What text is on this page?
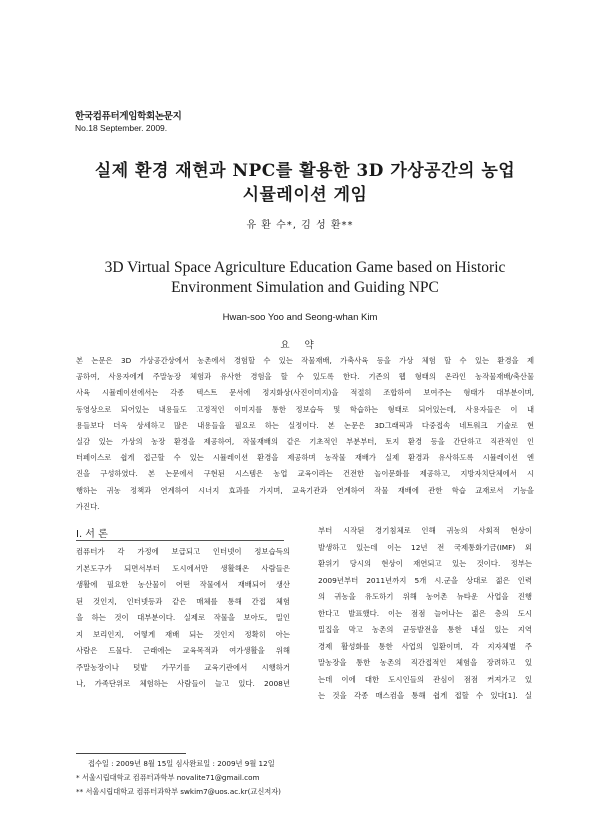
한국컴퓨터게임학회논문지
No.18 September. 2009.
실제 환경 재현과 NPC를 활용한 3D 가상공간의 농업
시뮬레이션 게임
유 환 수*, 김 성 환**
3D Virtual Space Agriculture Education Game based on Historic
Environment Simulation and Guiding NPC
Hwan-soo Yoo and Seong-whan Kim
요 약
본 논문은 3D 가상공간상에서 농촌에서 경험할 수 있는 작물재배, 가축사육 등을 가상 체험 할 수 있는 환경을 제
공하여, 사용자에게 주말농장 체험과 유사한 경험을 할 수 있도록 한다. 기존의 웹 형태의 온라인 농작물재배/축산물
사육 시뮬레이션에서는 각종 텍스트 문서에 정지화상(사진이미지)을 적절히 조합하여 보여주는 형태가 대부분이며,
동영상으로 되어있는 내용들도 고정적인 이미지를 통한 정보습득 및 학습하는 형태로 되어있는데, 사용자들은 이 내
용들보다 더욱 상세하고 많은 내용들을 필요로 하는 실정이다. 본 논문은 3D그래픽과 다중접속 네트워크 기술로 현
실감 있는 가상의 농장 환경을 제공하여, 작물재배의 같은 기초적인 부분부터, 토지 환경 등을 간단하고 직관적인 인
터페이스로 쉽게 접근할 수 있는 시뮬레이션 환경을 제공하며 농작물 재배가 실제 환경과 유사하도록 시뮬레이션 엔
진을 구성하였다. 본 논문에서 구현된 시스템은 농업 교육이라는 건전한 놀이문화를 제공하고, 지방자치단체에서 시
행하는 귀농 정책과 연계하여 시너지 효과를 가지며, 교육기관과 연계하여 작물 재배에 관한 학습 교재로서 기능을
가진다.
Ⅰ. 서 론
컴퓨터가 각 가정에 보급되고 인터넷이 정보습득의
기본도구가 되면서부터 도시에서만 생활해온 사람들은
생활에 필요한 농산물이 어떤 작물에서 재배되어 생산
된 것인지, 인터넷등과 같은 매체를 통해 간접 체험
을 하는 것이 대부분이다. 실제로 작물을 보아도, 밀인
지 보리인지, 어떻게 재배 되는 것인지 정확히 아는
사람은 드물다. 근래에는 교육목적과 여가생활을 위해
주말농장이나 텃밭 가꾸기를 교육기관에서 시행하거
나, 가족단위로 체험하는 사람들이 늘고 있다. 2008년
부터 시작된 경기침체로 인해 귀농의 사회적 현상이
발생하고 있는데 이는 12년 전 국제통화기금(IMF) 외
환위기 당시의 현상이 재연되고 있는 것이다. 정부는
2009년부터 2011년까지 5개 시.군을 상대로 젊은 인력
의 귀농을 유도하기 위해 농어촌 뉴타운 사업을 진행
한다고 발표했다. 이는 점점 늘어나는 젊은 층의 도시
밀집을 막고 농촌의 균등발전을 통한 내실 있는 지역
경제 활성화를 통한 사업의 일환이며, 각 지자체별 주
말농장을 통한 농촌의 직간접적인 체험을 장려하고 있
는데 이에 대한 도시인들의 관심이 점점 커져가고 있
는 것을 각종 매스컴을 통해 쉽게 접할 수 있다[1]. 실
접수일 : 2009년 8월 15일 심사완료일 : 2009년 9월 12일
* 서울시립대학교 컴퓨터과학부 novalite71@gmail.com
** 서울시립대학교 컴퓨터과학부 swkim7@uos.ac.kr(교신저자)
